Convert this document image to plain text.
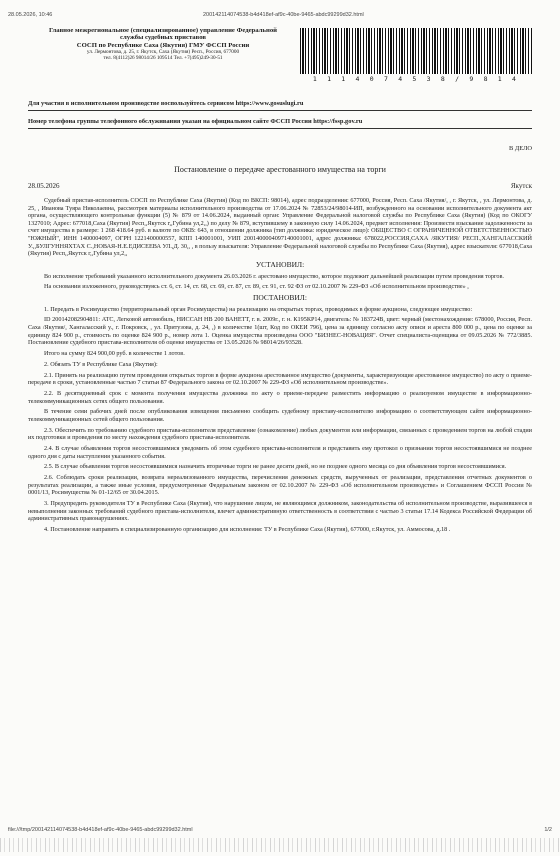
28.05.2026, 10:46	200142114074538-b4d418ef-af9c-40be-9465-abdc99299d32.html
Главное межрегиональное (специализированное) управление Федеральной
службы судебных приставов
СОСП по Республике Саха (Якутия) ГМУ ФССП России
ул. Лермонтова, д. 25, г. Якутск, Саха (Якутия) Респ., Россия, 677000
тел. 8(4112)26 98014/26 109514 Тел. +7(495)249-30-51
1 1 1 4 0 7 4 5 3 8 / 9 8 1 4
Для участия в исполнительном производстве воспользуйтесь сервисом https://www.gosuslugi.ru
Номер телефона группы телефонного обслуживания указан на официальном сайте ФССП России https://fssp.gov.ru
В ДЕЛО
Постановление о передаче арестованного имущества на торги
28.05.2026	Якутск

Судебный пристав-исполнитель СОСП по Республике Саха (Якутия) (Код по ВКСП: 98014), адрес подразделения: 677000, Россия, Респ. Саха /Якутия/, , г. Якутск, , ул. Лермонтова, д. 25, , Иванова Туяра Николаевна, рассмотрев материалы исполнительного производства от 17.06.2024 № 72853/24/98014-ИП, возбужденного на основании исполнительного документа акт органа, осуществляющего контрольные функции (5) № 879 от 14.06.2024, выданный орган: Управление Федеральной налоговой службы по Республике Саха (Якутия) (Код по ОКОГУ 1327010; Адрес: 677018,Саха (Якутия) Респ,,Якутск г,,Губина ул,2,,) по делу № 879, вступившему в законную силу 14.06.2024, предмет исполнения: Произвести взыскание задолженности за счет имущества в размере: 1 268 418.64 руб. в валюте по ОКВ: 643, в отношении должника (тип должника: юридическое лицо): ОБЩЕСТВО С ОГРАНИЧЕННОЙ ОТВЕТСТВЕННОСТЬЮ "ЮЖНЫЙ", ИНН 1400004097, ОГРН 1221400000557, КПП 140001001, УИП 2001400004097140001001, адрес должника: 678022,РОССИЯ,САХА /ЯКУТИЯ/ РЕСП.,ХАНГАЛАССКИЙ У.,,БУЛГУННЯХТАХ С.,НОВАЯ-Н.Е.ЕДИСЕЕВА УЛ.,Д. 30,, , в пользу взыскателя: Управление Федеральной налоговой службы по Республике Саха (Якутия), адрес взыскателя: 677018,Саха (Якутия) Респ,,Якутск г,,Губина ул,2,,

УСТАНОВИЛ:

Во исполнение требований указанного исполнительного документа 26.03.2026 г. арестовано имущество, которое подлежит дальнейшей реализации путем проведения торгов.

На основании изложенного, руководствуясь ст. 6, ст. 14, ст. 68, ст. 69, ст. 87, ст. 89, ст. 91, ст. 92 ФЗ от 02.10.2007 № 229-ФЗ «Об исполнительном производстве» ,

ПОСТАНОВИЛ:

1. Передать в Росимущество (территориальный орган Росимущества) на реализацию на открытых торгах, проводимых в форме аукциона, следующее имущество:

ID 200142082904811: АТС, Легковой автомобиль, НИССАН НВ 200 ВАНЕТТ, г. в. 2009г., г. н. К195КР14, двигатель: № 183724B, цвет: черный (местонахождение: 678000, Россия, Респ. Саха /Якутия/, Хангаласский у., г. Покровск, , ул. Притузова, д. 24, ,) в количестве 1(шт, Код по ОКЕИ 796), цена за единицу согласно акту описи и ареста 800 000 р., цена по оценке за единицу 824 900 р., стоимость по оценке 824 900 р., номер лота 1. Оценка имущества произведена ООО "БИЗНЕС-НОВАЦИЯ". Отчет специалиста-оценщика от 09.05.2026 № 772/3885. Постановление судебного пристава-исполнителя об оценке имущества от 13.05.2026 № 98014/26/93528.

Итого на сумму 824 900,00 руб. в количестве 1 лотов.

2. Обязать ТУ в Республике Саха (Якутия):

2.1. Принять на реализацию путем проведения открытых торгов в форме аукциона арестованное имущество (документы, характеризующие арестованное имущество) по акту о приеме-передаче в сроки, установленные частью 7 статьи 87 Федерального закона от 02.10.2007 № 229-ФЗ «Об исполнительном производстве».

2.2. В десятидневный срок с момента получения имущества должника по акту о приеме-передаче разместить информацию о реализуемом имуществе в информационно-телекоммуникационных сетях общего пользования.

В течение семи рабочих дней после опубликования извещения письменно сообщить судебному приставу-исполнителю информацию о соответствующем сайте информационно-телекоммуникационных сетей общего пользования.

2.3. Обеспечить по требованию судебного пристава-исполнителя представление (ознакомление) любых документов или информации, связанных с проведением торгов на любой стадии их подготовки и проведения по месту нахождения судебного пристава-исполнителя.

2.4. В случае объявления торгов несостоявшимися уведомить об этом судебного пристава-исполнителя и представить ему протокол о признании торгов несостоявшимися не позднее одного дня с даты наступления указанного события.

2.5. В случае объявления торгов несостоявшимися назначить вторичные торги не ранее десяти дней, но не позднее одного месяца со дня объявления торгов несостоявшимися.

2.6. Соблюдать сроки реализации, возврата нереализованного имущества, перечисления денежных средств, вырученных от реализации, представления отчетных документов о результатах реализации, а также иные условия, предусмотренные Федеральным законом от 02.10.2007 № 229-ФЗ «Об исполнительном производстве» и Соглашением ФССП России № 0001/13, Росимущества № 01-12/65 от 30.04.2015.

3. Предупредить руководителя ТУ в Республике Саха (Якутия), что нарушение лицом, не являющимся должником, законодательства об исполнительном производстве, выразившееся в невыполнении законных требований судебного пристава-исполнителя, влечет административную ответственность в соответствии с частью 3 статьи 17.14 Кодекса Российской Федерации об административных правонарушениях.

4. Постановление направить в специализированную организацию для исполнения: ТУ в Республике Саха (Якутия), 677000, г.Якутск, ул. Аммосова, д.18 .

file:///tmp/200142114074538-b4d418ef-af9c-40be-9465-abdc99299d32.html	1/2
